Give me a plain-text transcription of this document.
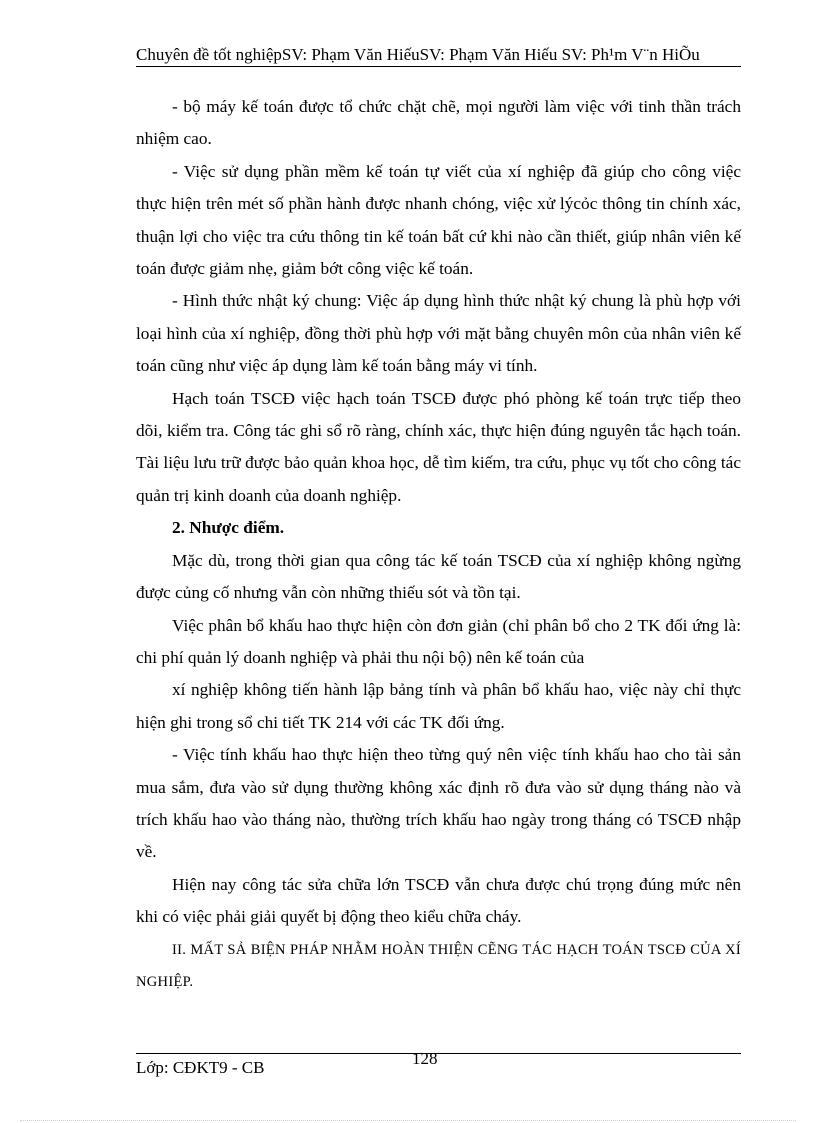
Chuyên đề tốt nghiệpSV: Phạm Văn HiếuSV: Phạm Văn Hiếu SV: Ph¹m V¨n HiÕu

- bộ máy kế toán được tổ chức chặt chẽ, mọi người làm việc với tinh thần trách nhiệm cao.

- Việc sử dụng phần mềm kế toán tự viết của xí nghiệp đã giúp cho công việc thực hiện trên mét số phần hành được nhanh chóng, việc xử lýcỏc thông tin chính xác, thuận lợi cho việc tra cứu thông tin kế toán bất cứ khi nào cần thiết, giúp nhân viên kế toán được giảm nhẹ, giảm bớt công việc kế toán.

- Hình thức nhật ký chung: Việc áp dụng hình thức nhật ký chung là phù hợp với loại hình của xí nghiệp, đồng thời phù hợp với mặt bằng chuyên môn của nhân viên kế toán cũng như việc áp dụng làm kế toán bằng máy vi tính.

Hạch toán TSCĐ việc hạch toán TSCĐ được phó phòng kế toán trực tiếp theo dõi, kiểm tra. Công tác ghi sổ rõ ràng, chính xác, thực hiện đúng nguyên tắc hạch toán. Tài liệu lưu trữ được bảo quản khoa học, dễ tìm kiếm, tra cứu, phục vụ tốt cho công tác quản trị kinh doanh của doanh nghiệp.

2. Nhược điểm.

Mặc dù, trong thời gian qua công tác kế toán TSCĐ của xí nghiệp không ngừng được củng cố nhưng vẫn còn những thiếu sót và tồn tại.

Việc phân bổ khấu hao thực hiện còn đơn giản (chỉ phân bổ cho 2 TK đối ứng là: chi phí quản lý doanh nghiệp và phải thu nội bộ) nên kế toán của

xí nghiệp không tiến hành lập bảng tính và phân bổ khấu hao, việc này chỉ thực hiện ghi trong sổ chi tiết TK 214 với các TK đối ứng.

- Việc tính khấu hao thực hiện theo từng quý nên việc tính khấu hao cho tài sản mua sắm, đưa vào sử dụng thường không xác định rõ đưa vào sử dụng tháng nào và trích khấu hao vào tháng nào, thường trích khấu hao ngày trong tháng có TSCĐ nhập về.

Hiện nay công tác sửa chữa lớn TSCĐ vẫn chưa được chú trọng đúng mức nên khi có việc phải giải quyết bị động theo kiểu chữa cháy.

II. MẤT SẢ BIỆN PHÁP NHẰM HOÀN THIỆN CẼNG TÁC HẠCH TOÁN TSCĐ CỦA XÍ NGHIỆP.

128
Lớp: CĐKT9 - CB
